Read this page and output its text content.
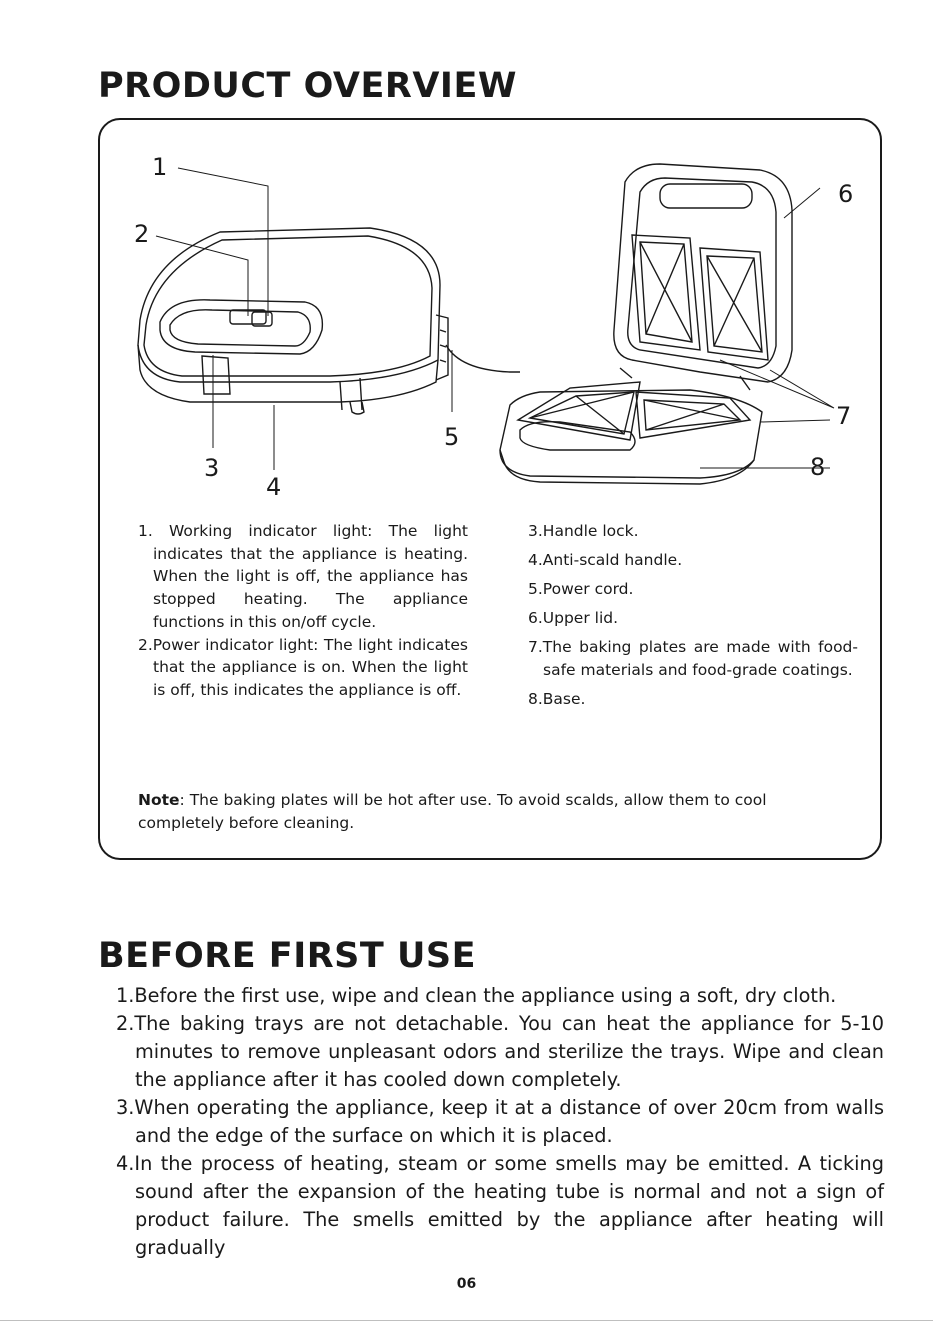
PRODUCT OVERVIEW
1
2
3
4
5
6
7
8

1. Working indicator light: The light indicates that the appliance is heating. When the light is off, the appliance has stopped heating. The appliance functions in this on/off cycle.

2.Power indicator light: The light indicates that the appliance is on. When the light is off, this indicates the appliance is off.

3.Handle lock.

4.Anti-scald handle.

5.Power cord.

6.Upper lid.

7.The baking plates are made with food-safe materials and food-grade coatings.

8.Base.

Note: The baking plates will be hot after use. To avoid scalds, allow them to cool completely before cleaning.
BEFORE FIRST USE

1.Before the first use, wipe and clean the appliance using a soft, dry cloth.

2.The baking trays are not detachable. You can heat the appliance for 5-10 minutes to remove unpleasant odors and sterilize the trays. Wipe and clean the appliance after it has cooled down completely.

3.When operating the appliance, keep it at a distance of over 20cm from walls and the edge of the surface on which it is placed.

4.In the process of heating, steam or some smells may be emitted. A ticking sound after the expansion of the heating tube is normal and not a sign of product failure. The smells emitted by the appliance after heating will gradually

06
